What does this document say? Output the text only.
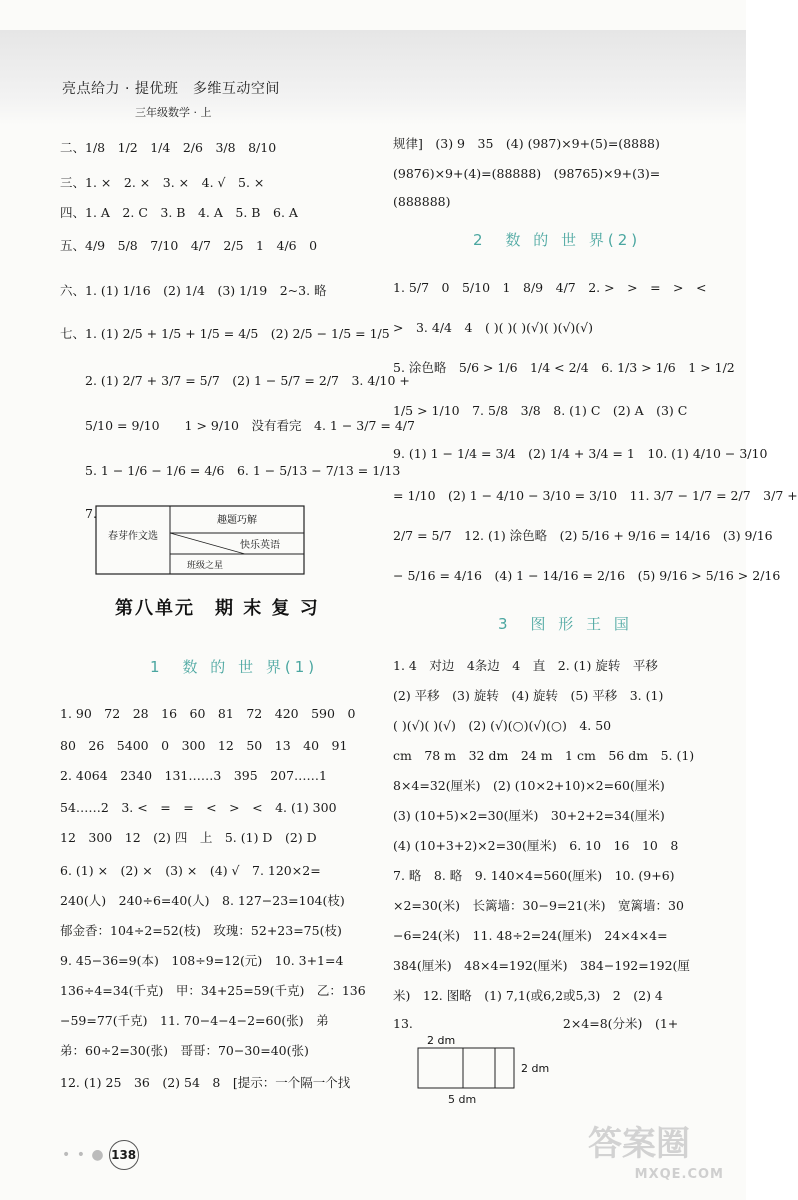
亮点给力 · 提优班　多维互动空间
三年级数学 · 上
二、1/8　1/2　1/4　2/6　3/8　8/10
三、1. ×　2. ×　3. ×　4. √　5. ×
四、1. A　2. C　3. B　4. A　5. B　6. A
五、4/9　5/8　7/10　4/7　2/5　1　4/6　0
六、1. (1) 1/16　(2) 1/4　(3) 1/19　2~3. 略
七、1. (1) 2/5 + 1/5 + 1/5 = 4/5　(2) 2/5 − 1/5 = 1/5
　　2. (1) 2/7 + 3/7 = 5/7　(2) 1 − 5/7 = 2/7　3. 4/10 +
　　5/10 = 9/10　　1 > 9/10　没有看完　4. 1 − 3/7 = 4/7
　　5. 1 − 1/6 − 1/6 = 4/6　6. 1 − 5/13 − 7/13 = 1/13
　　7.
春芽作文选
趣题巧解
快乐英语
班级之星
第八单元　期 末 复 习
1　数 的 世 界(1)
1. 90　72　28　16　60　81　72　420　590　0
80　26　5400　0　300　12　50　13　40　91
2. 4064　2340　131……3　395　207……1
54……2　3. <　=　=　<　>　<　4. (1) 300
12　300　12　(2) 四　上　5. (1) D　(2) D
6. (1) ×　(2) ×　(3) ×　(4) √　7. 120×2=
240(人)　240÷6=40(人)　8. 127−23=104(枝)
郁金香：104÷2=52(枝)　玫瑰：52+23=75(枝)
9. 45−36=9(本)　108÷9=12(元)　10. 3+1=4
136÷4=34(千克)　甲：34+25=59(千克)　乙：136
−59=77(千克)　11. 70−4−4−2=60(张)　弟
弟：60÷2=30(张)　哥哥：70−30=40(张)
12. (1) 25　36　(2) 54　8　[提示：一个隔一个找
规律]　(3) 9　35　(4) (987)×9+(5)=(8888)
(9876)×9+(4)=(88888)　(98765)×9+(3)=
(888888)
2　数 的 世 界(2)
1. 5/7　0　5/10　1　8/9　4/7　2. >　>　=　>　<
>　3. 4/4　4　( )( )( )(√)( )(√)(√)
5. 涂色略　5/6 > 1/6　1/4 < 2/4　6. 1/3 > 1/6　1 > 1/2
1/5 > 1/10　7. 5/8　3/8　8. (1) C　(2) A　(3) C
9. (1) 1 − 1/4 = 3/4　(2) 1/4 + 3/4 = 1　10. (1) 4/10 − 3/10
= 1/10　(2) 1 − 4/10 − 3/10 = 3/10　11. 3/7 − 1/7 = 2/7　3/7 +
2/7 = 5/7　12. (1) 涂色略　(2) 5/16 + 9/16 = 14/16　(3) 9/16
− 5/16 = 4/16　(4) 1 − 14/16 = 2/16　(5) 9/16 > 5/16 > 2/16
3　图 形 王 国
1. 4　对边　4条边　4　直　2. (1) 旋转　平移
(2) 平移　(3) 旋转　(4) 旋转　(5) 平移　3. (1)
( )(√)( )(√)　(2) (√)(○)(√)(○)　4. 50
cm　78 m　32 dm　24 m　1 cm　56 dm　5. (1)
8×4=32(厘米)　(2) (10×2+10)×2=60(厘米)
(3) (10+5)×2=30(厘米)　30+2+2=34(厘米)
(4) (10+3+2)×2=30(厘米)　6. 10　16　10　8
7. 略　8. 略　9. 140×4=560(厘米)　10. (9+6)
×2=30(米)　长篱墙：30−9=21(米)　宽篱墙：30
−6=24(米)　11. 48÷2=24(厘米)　24×4×4=
384(厘米)　48×4=192(厘米)　384−192=192(厘
米)　12. 图略　(1) 7,1(或6,2或5,3)　2　(2) 4
13.　　　　　　　　　　　　2×4=8(分米)　(1+
2 dm
2 dm
5 dm
• • ● 138	答案圈
MXQE.COM
